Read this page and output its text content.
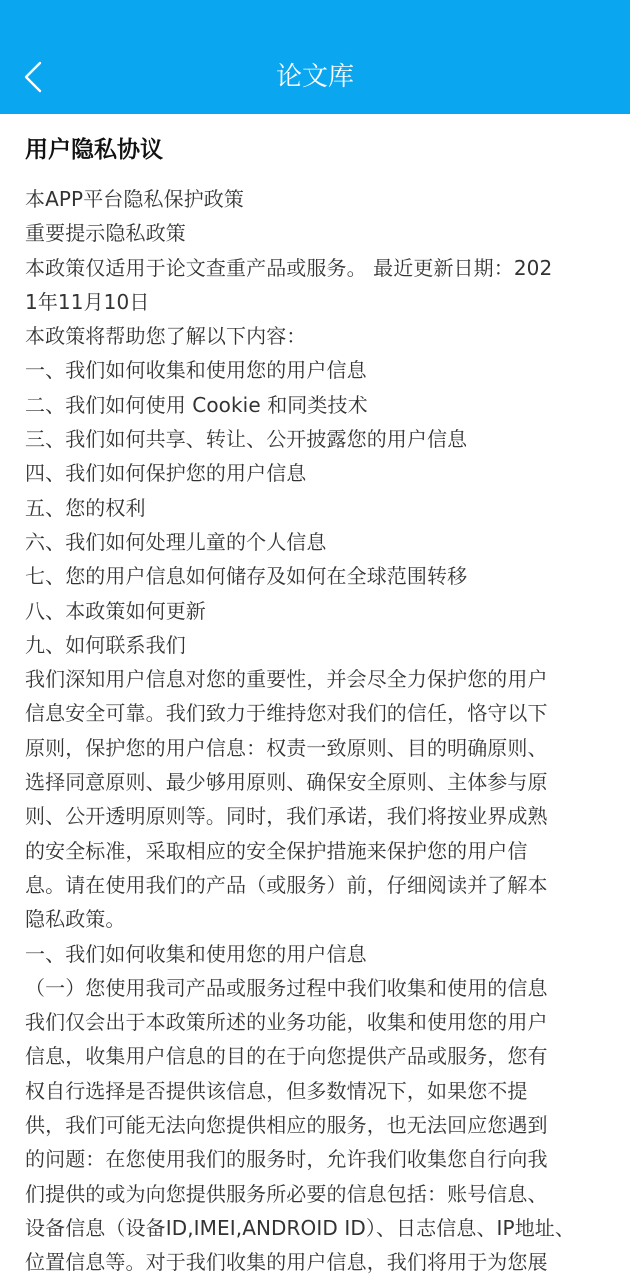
论文库
用户隐私协议
本APP平台隐私保护政策
重要提示隐私政策
本政策仅适用于论文查重产品或服务。 最近更新日期：202
1年11月10日
本政策将帮助您了解以下内容：
一、我们如何收集和使用您的用户信息
二、我们如何使用 Cookie 和同类技术
三、我们如何共享、转让、公开披露您的用户信息
四、我们如何保护您的用户信息
五、您的权利
六、我们如何处理儿童的个人信息
七、您的用户信息如何储存及如何在全球范围转移
八、本政策如何更新
九、如何联系我们
我们深知用户信息对您的重要性，并会尽全力保护您的用户
信息安全可靠。我们致力于维持您对我们的信任，恪守以下
原则，保护您的用户信息：权责一致原则、目的明确原则、
选择同意原则、最少够用原则、确保安全原则、主体参与原
则、公开透明原则等。同时，我们承诺，我们将按业界成熟
的安全标准，采取相应的安全保护措施来保护您的用户信
息。请在使用我们的产品（或服务）前，仔细阅读并了解本
隐私政策。
一、我们如何收集和使用您的用户信息
（一）您使用我司产品或服务过程中我们收集和使用的信息
我们仅会出于本政策所述的业务功能，收集和使用您的用户
信息，收集用户信息的目的在于向您提供产品或服务，您有
权自行选择是否提供该信息，但多数情况下，如果您不提
供，我们可能无法向您提供相应的服务，也无法回应您遇到
的问题：在您使用我们的服务时，允许我们收集您自行向我
们提供的或为向您提供服务所必要的信息包括：账号信息、
设备信息（设备ID,IMEI,ANDROID ID）、日志信息、IP地址、
位置信息等。对于我们收集的用户信息，我们将用于为您展
